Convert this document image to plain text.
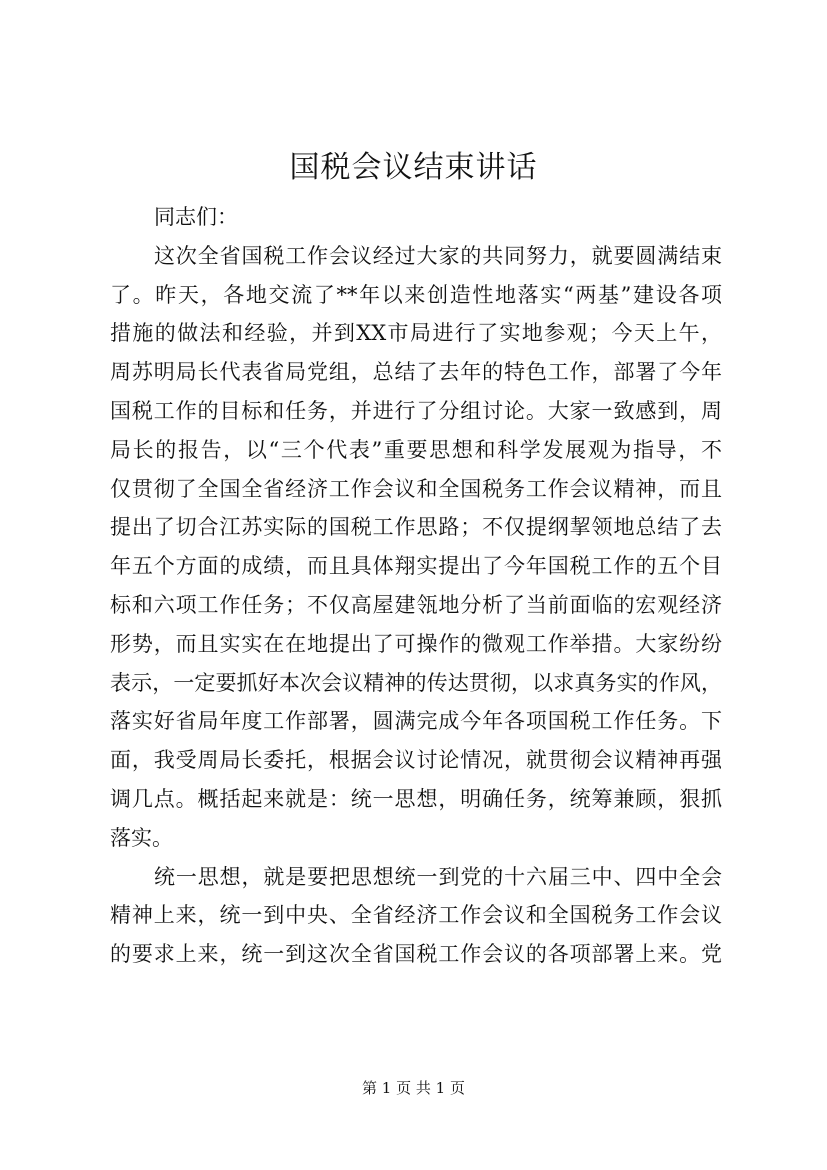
国税会议结束讲话
同志们：
这次全省国税工作会议经过大家的共同努力，就要圆满结束
了。昨天，各地交流了**年以来创造性地落实“两基”建设各项
措施的做法和经验，并到XX市局进行了实地参观；今天上午，
周苏明局长代表省局党组，总结了去年的特色工作，部署了今年
国税工作的目标和任务，并进行了分组讨论。大家一致感到，周
局长的报告，以“三个代表”重要思想和科学发展观为指导，不
仅贯彻了全国全省经济工作会议和全国税务工作会议精神，而且
提出了切合江苏实际的国税工作思路；不仅提纲挈领地总结了去
年五个方面的成绩，而且具体翔实提出了今年国税工作的五个目
标和六项工作任务；不仅高屋建瓴地分析了当前面临的宏观经济
形势，而且实实在在地提出了可操作的微观工作举措。大家纷纷
表示，一定要抓好本次会议精神的传达贯彻，以求真务实的作风，
落实好省局年度工作部署，圆满完成今年各项国税工作任务。下
面，我受周局长委托，根据会议讨论情况，就贯彻会议精神再强
调几点。概括起来就是：统一思想，明确任务，统筹兼顾，狠抓
落实。
统一思想，就是要把思想统一到党的十六届三中、四中全会
精神上来，统一到中央、全省经济工作会议和全国税务工作会议
的要求上来，统一到这次全省国税工作会议的各项部署上来。党
第 1 页 共 1 页
